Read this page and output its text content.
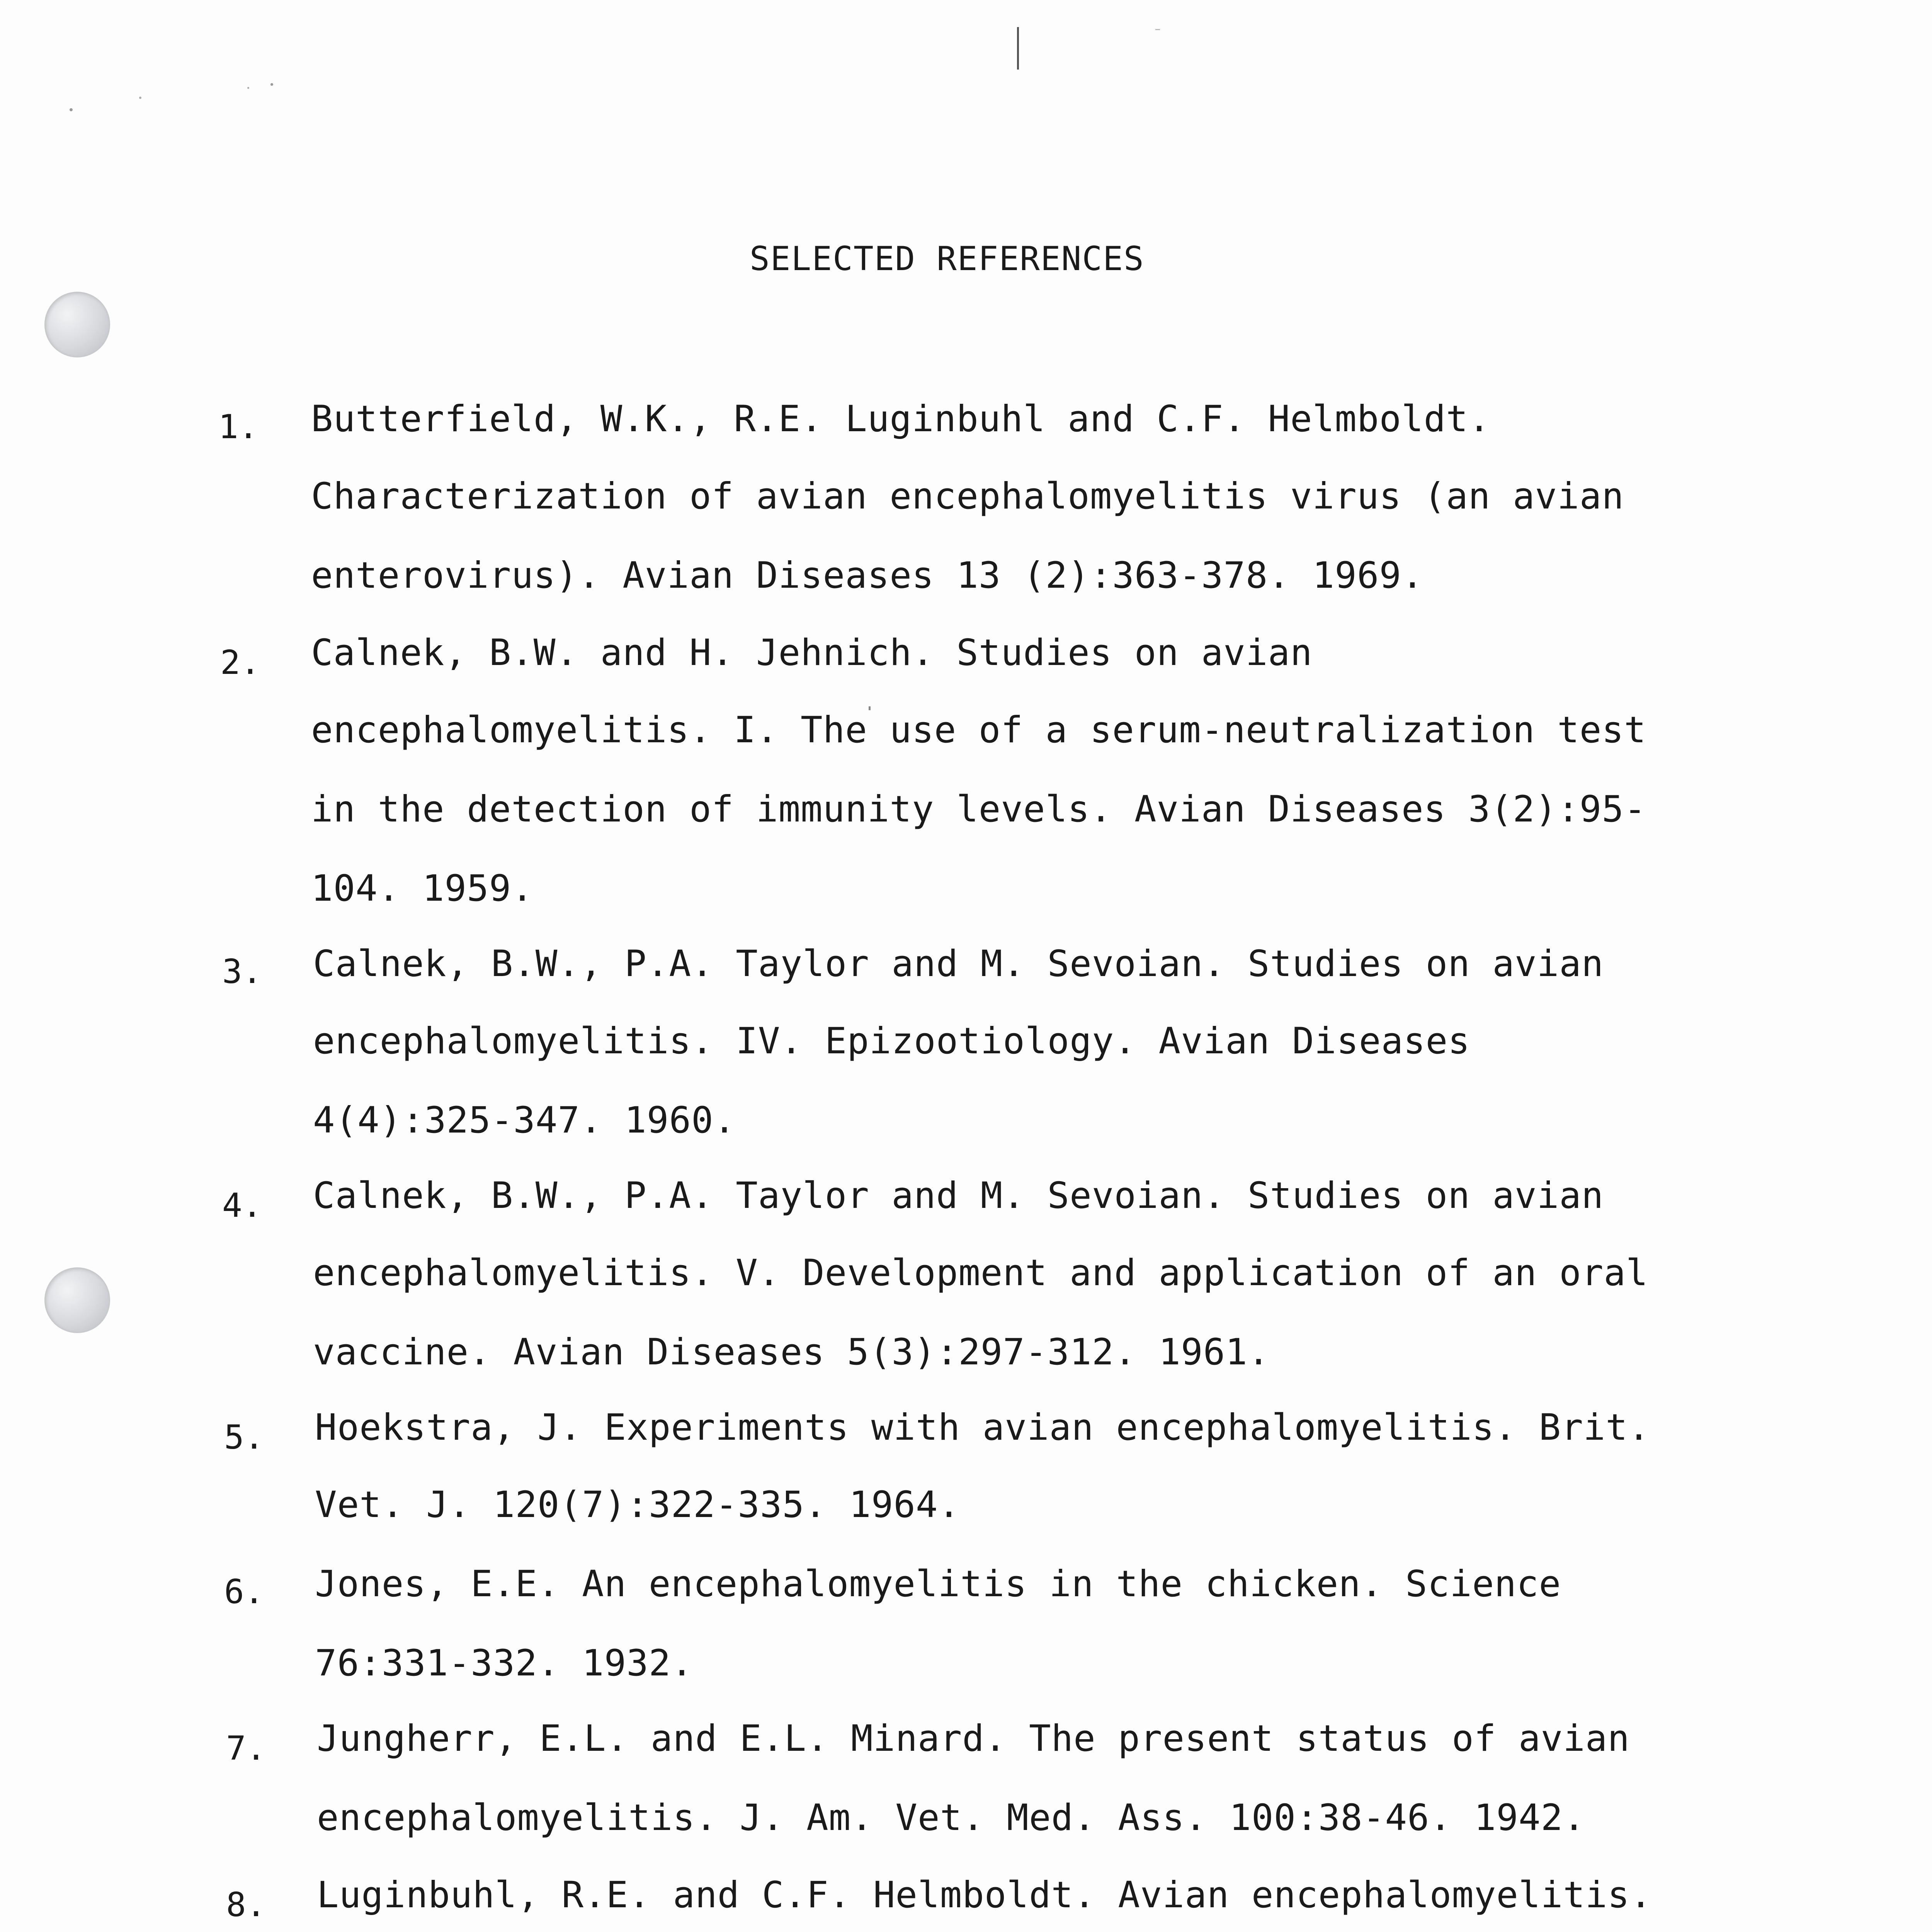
SELECTED REFERENCES
1. Butterfield, W.K., R.E. Luginbuhl and C.F. Helmboldt.
Characterization of avian encephalomyelitis virus (an avian
enterovirus). Avian Diseases 13 (2):363-378. 1969.
2. Calnek, B.W. and H. Jehnich. Studies on avian
encephalomyelitis. I. The use of a serum-neutralization test
in the detection of immunity levels. Avian Diseases 3(2):95-
104. 1959.
3. Calnek, B.W., P.A. Taylor and M. Sevoian. Studies on avian
encephalomyelitis. IV. Epizootiology. Avian Diseases
4(4):325-347. 1960.
4. Calnek, B.W., P.A. Taylor and M. Sevoian. Studies on avian
encephalomyelitis. V. Development and application of an oral
vaccine. Avian Diseases 5(3):297-312. 1961.
5. Hoekstra, J. Experiments with avian encephalomyelitis. Brit.
Vet. J. 120(7):322-335. 1964.
6. Jones, E.E. An encephalomyelitis in the chicken. Science
76:331-332. 1932.
7. Jungherr, E.L. and E.L. Minard. The present status of avian
encephalomyelitis. J. Am. Vet. Med. Ass. 100:38-46. 1942.
8. Luginbuhl, R.E. and C.F. Helmboldt. Avian encephalomyelitis.
